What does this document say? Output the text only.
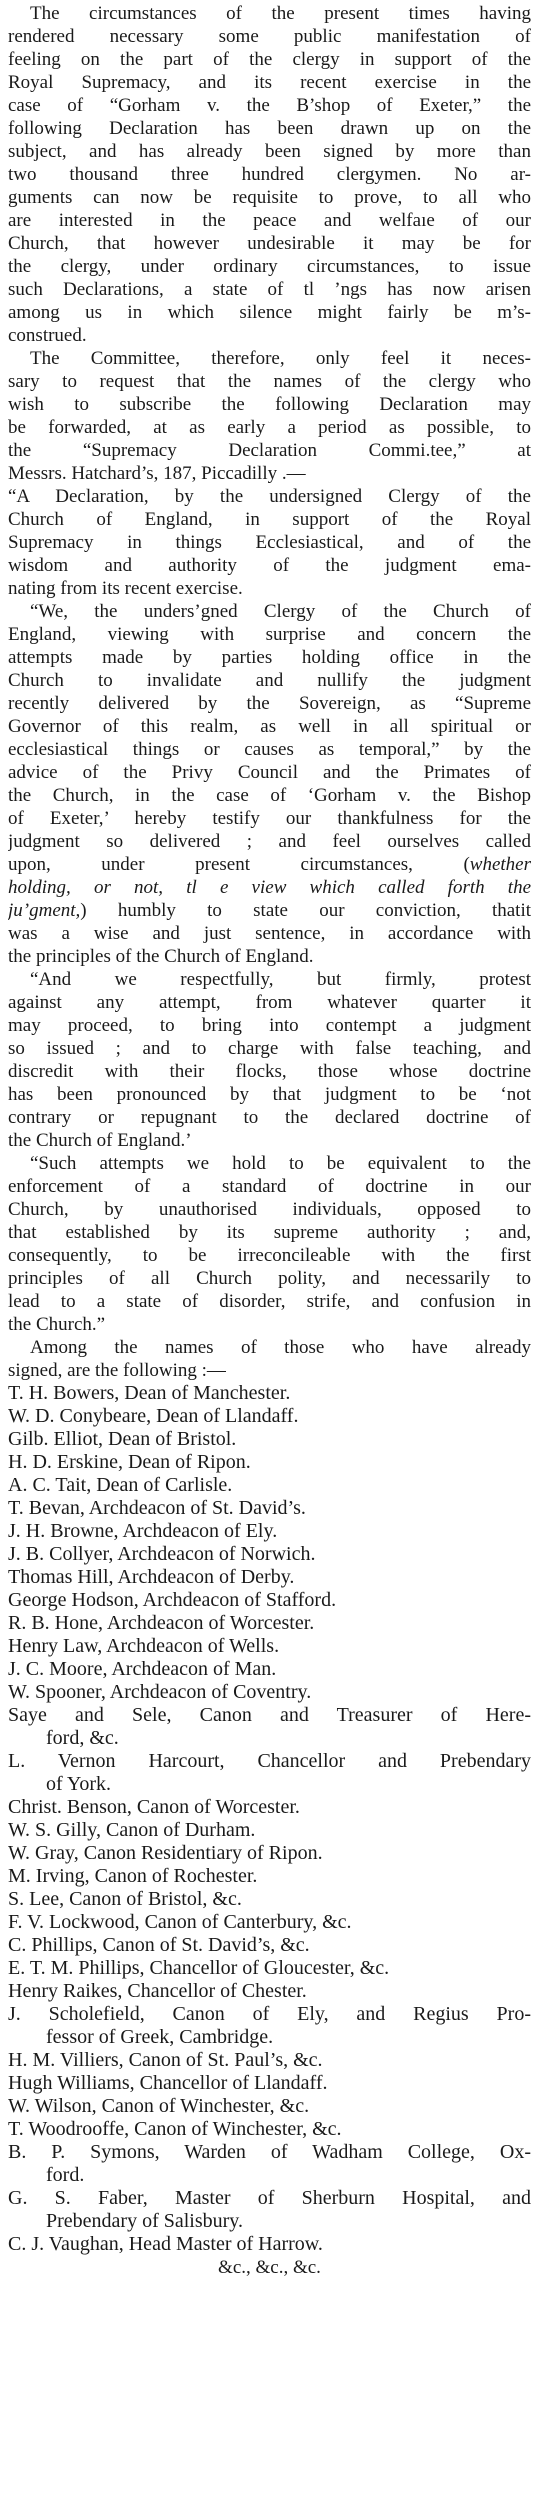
The circumstances of the present times having
rendered necessary some public manifestation of
feeling on the part of the clergy in support of the
Royal Supremacy, and its recent exercise in the
case of “Gorham v. the B’shop of Exeter,” the
following Declaration has been drawn up on the
subject, and has already been signed by more than
two thousand three hundred clergymen. No ar-
guments can now be requisite to prove, to all who
are interested in the peace and welfaıe of our
Church, that however undesirable it may be for
the clergy, under ordinary circumstances, to issue
such Declarations, a state of tl ’ngs has now arisen
among us in which silence might fairly be m’s-
construed.
The Committee, therefore, only feel it neces-
sary to request that the names of the clergy who
wish to subscribe the following Declaration may
be forwarded, at as early a period as possible, to
the “Supremacy Declaration Commi.tee,” at
Messrs. Hatchard’s, 187, Piccadilly .—
“A Declaration, by the undersigned Clergy of the
Church of England, in support of the Royal
Supremacy in things Ecclesiastical, and of the
wisdom and authority of the judgment ema-
nating from its recent exercise.
“We, the unders’gned Clergy of the Church of
England, viewing with surprise and concern the
attempts made by parties holding office in the
Church to invalidate and nullify the judgment
recently delivered by the Sovereign, as “Supreme
Governor of this realm, as well in all spiritual or
ecclesiastical things or causes as temporal,” by the
advice of the Privy Council and the Primates of
the Church, in the case of ‘Gorham v. the Bishop
of Exeter,’ hereby testify our thankfulness for the
judgment so delivered ; and feel ourselves called
upon, under present circumstances, (whether
holding, or not, tl e view which called forth the
ju’gment,) humbly to state our conviction, thatit
was a wise and just sentence, in accordance with
the principles of the Church of England.
“And we respectfully, but firmly, protest
against any attempt, from whatever quarter it
may proceed, to bring into contempt a judgment
so issued ; and to charge with false teaching, and
discredit with their flocks, those whose doctrine
has been pronounced by that judgment to be ‘not
contrary or repugnant to the declared doctrine of
the Church of England.’
“Such attempts we hold to be equivalent to the
enforcement of a standard of doctrine in our
Church, by unauthorised individuals, opposed to
that established by its supreme authority ; and,
consequently, to be irreconcileable with the first
principles of all Church polity, and necessarily to
lead to a state of disorder, strife, and confusion in
the Church.”
Among the names of those who have already
signed, are the following :—
T. H. Bowers, Dean of Manchester.
W. D. Conybeare, Dean of Llandaff.
Gilb. Elliot, Dean of Bristol.
H. D. Erskine, Dean of Ripon.
A. C. Tait, Dean of Carlisle.
T. Bevan, Archdeacon of St. David’s.
J. H. Browne, Archdeacon of Ely.
J. B. Collyer, Archdeacon of Norwich.
Thomas Hill, Archdeacon of Derby.
George Hodson, Archdeacon of Stafford.
R. B. Hone, Archdeacon of Worcester.
Henry Law, Archdeacon of Wells.
J. C. Moore, Archdeacon of Man.
W. Spooner, Archdeacon of Coventry.
Saye and Sele, Canon and Treasurer of Here-
ford, &c.
L. Vernon Harcourt, Chancellor and Prebendary
of York.
Christ. Benson, Canon of Worcester.
W. S. Gilly, Canon of Durham.
W. Gray, Canon Residentiary of Ripon.
M. Irving, Canon of Rochester.
S. Lee, Canon of Bristol, &c.
F. V. Lockwood, Canon of Canterbury, &c.
C. Phillips, Canon of St. David’s, &c.
E. T. M. Phillips, Chancellor of Gloucester, &c.
Henry Raikes, Chancellor of Chester.
J. Scholefield, Canon of Ely, and Regius Pro-
fessor of Greek, Cambridge.
H. M. Villiers, Canon of St. Paul’s, &c.
Hugh Williams, Chancellor of Llandaff.
W. Wilson, Canon of Winchester, &c.
T. Woodrooffe, Canon of Winchester, &c.
B. P. Symons, Warden of Wadham College, Ox-
ford.
G. S. Faber, Master of Sherburn Hospital, and
Prebendary of Salisbury.
C. J. Vaughan, Head Master of Harrow.
&c., &c., &c.
